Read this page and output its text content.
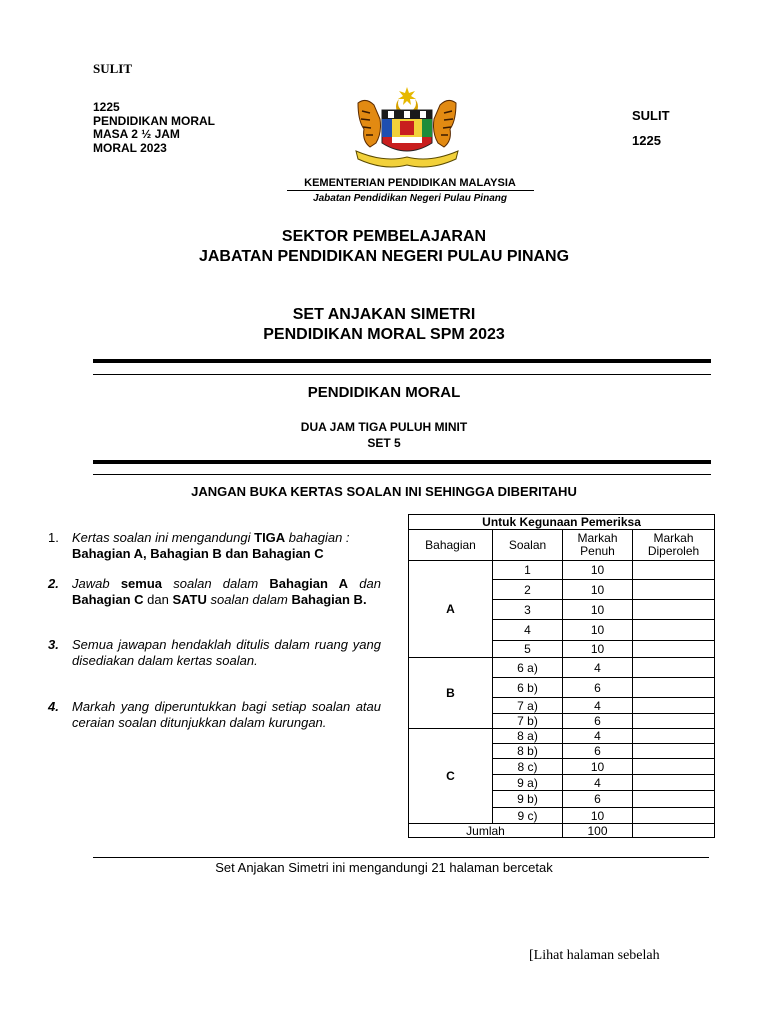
SULIT
1225
PENDIDIKAN MORAL
MASA 2 ½ JAM
MORAL 2023
SULIT
1225
KEMENTERIAN PENDIDIKAN MALAYSIA
Jabatan Pendidikan Negeri Pulau Pinang
SEKTOR PEMBELAJARAN
JABATAN PENDIDIKAN NEGERI PULAU PINANG
SET ANJAKAN SIMETRI
PENDIDIKAN MORAL SPM 2023
PENDIDIKAN MORAL
DUA JAM TIGA PULUH MINIT
SET 5
JANGAN BUKA KERTAS SOALAN INI SEHINGGA DIBERITAHU
1.	Kertas soalan ini mengandungi TIGA bahagian :
Bahagian A, Bahagian B dan Bahagian C
2.	Jawab semua soalan dalam Bahagian A dan Bahagian C dan SATU soalan dalam Bahagian B.
3.	Semua jawapan hendaklah ditulis dalam ruang yang disediakan dalam kertas soalan.
4.	Markah yang diperuntukkan bagi setiap soalan atau ceraian soalan ditunjukkan dalam kurungan.
Untuk Kegunaan Pemeriksa			
Bahagian	Soalan	Markah Penuh	Markah Diperoleh
A	1	10	
	2	10	
	3	10	
	4	10	
	5	10	
B	6 a)	4	
	6 b)	6	
	7 a)	4	
	7 b)	6	
C	8 a)	4	
	8 b)	6	
	8 c)	10	
	9 a)	4	
	9 b)	6	
	9 c)	10	
Jumlah		100	
Set Anjakan Simetri ini mengandungi 21 halaman bercetak
[Lihat halaman sebelah
